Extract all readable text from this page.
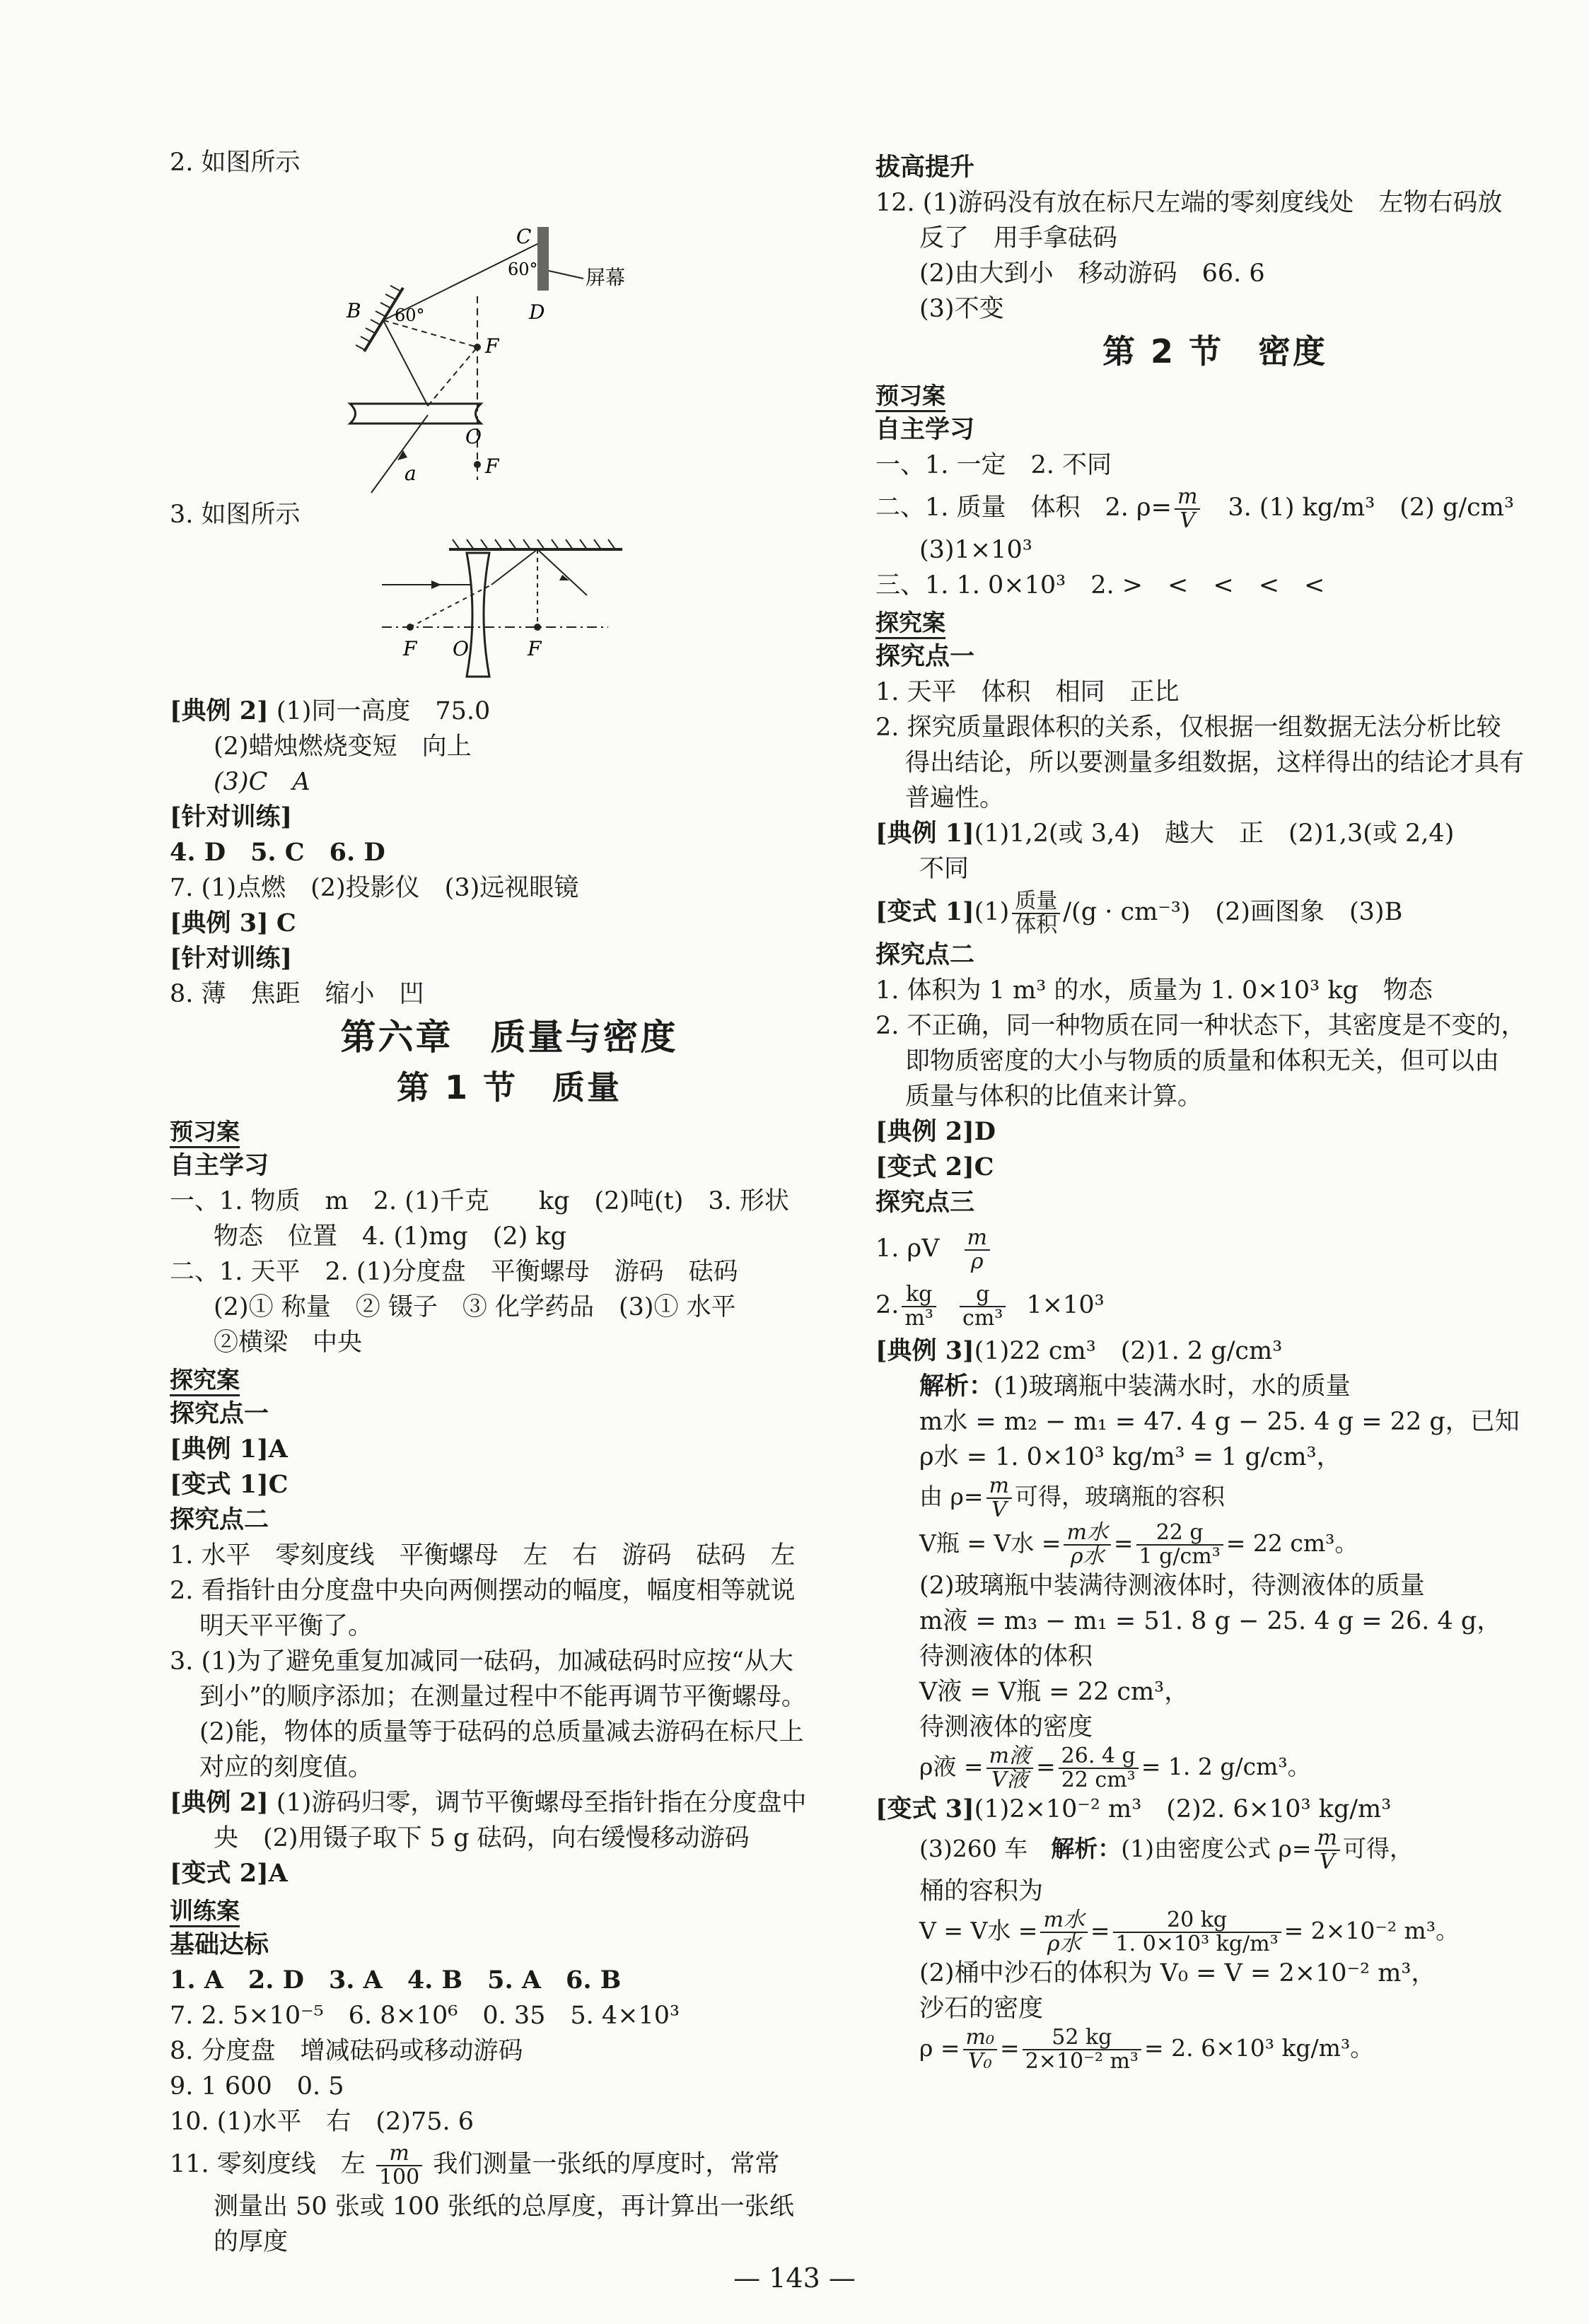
2. 如图所示
屏幕
B 60°
C
60°
D
F
O
F
a
3. 如图所示
F O	F
[典例 2] (1)同一高度　75.0
(2)蜡烛燃烧变短　向上
(3)C　A
[针对训练]
4. D　5. C　6. D
7. (1)点燃　(2)投影仪　(3)远视眼镜
[典例 3] C
[针对训练]
8. 薄　焦距　缩小　凹
第六章　质量与密度
第 1 节　质量
预习案
自主学习
一、1. 物质　m　2. (1)千克　　kg　(2)吨(t)　3. 形状
物态　位置　4. (1)mg　(2) kg
二、1. 天平　2. (1)分度盘　平衡螺母　游码　砝码
(2)① 称量　② 镊子　③ 化学药品　(3)① 水平
②横梁　中央
探究案
探究点一
[典例 1]A
[变式 1]C
探究点二
1. 水平　零刻度线　平衡螺母　左　右　游码　砝码　左
2. 看指针由分度盘中央向两侧摆动的幅度，幅度相等就说
明天平平衡了。
3. (1)为了避免重复加减同一砝码，加减砝码时应按“从大
到小”的顺序添加；在测量过程中不能再调节平衡螺母。
(2)能，物体的质量等于砝码的总质量减去游码在标尺上
对应的刻度值。
[典例 2] (1)游码归零，调节平衡螺母至指针指在分度盘中
央　(2)用镊子取下 5 g 砝码，向右缓慢移动游码
[变式 2]A
训练案
基础达标
1. A　2. D　3. A　4. B　5. A　6. B
7. 2. 5×10⁻⁵　6. 8×10⁶　0. 35　5. 4×10³
8. 分度盘　增减砝码或移动游码
9. 1 600　0. 5
10. (1)水平　右　(2)75. 6
11. 零刻度线　左 $\frac{m}{100}$ 我们测量一张纸的厚度时，常常
测量出 50 张或 100 张纸的总厚度，再计算出一张纸
的厚度
拔高提升
12. (1)游码没有放在标尺左端的零刻度线处　左物右码放
反了　用手拿砝码
(2)由大到小　移动游码　66. 6
(3)不变
第 2 节　密度
预习案
自主学习
一、1. 一定　2. 不同
二、1. 质量　体积　2. $\rho= \frac{m}{V}$ 　3. (1) kg/m³　(2) g/cm³
(3)1×10³
三、1. 1. 0×10³　2. >　<　<　<　<
探究案
探究点一
1. 天平　体积　相同　正比
2. 探究质量跟体积的关系，仅根据一组数据无法分析比较
得出结论，所以要测量多组数据，这样得出的结论才具有
普遍性。
[典例 1](1)1,2(或 3,4)　越大　正　(2)1,3(或 2,4)
不同
[变式 $1](1) \frac{\text{质量}}{\text{体积}} /(g \cdot cm^{-3})$　(2)画图象　(3)B
探究点二
1. 体积为 1 m³ 的水，质量为 1. 0×10³ kg　物态
2. 不正确，同一种物质在同一种状态下，其密度是不变的，
即物质密度的大小与物质的质量和体积无关，但可以由
质量与体积的比值来计算。
[典例 2]D
[变式 2]C
探究点三
1. ρV $\frac{m}{\rho}$
2. $\frac{kg}{\text{m³}}$
$\frac{g}{\text{cm³}} 1\times 10^3$
[典例 3](1)22 cm³　(2)1. 2 g/cm³
解析：(1)玻璃瓶中装满水时，水的质量
m水 = m₂ − m₁ = 47. 4 g − 25. 4 g = 22 g，已知
ρ水 = 1. 0×10³ kg/m³ = 1 g/cm³，
由 $\rho= \frac{m}{V}$ 可得，玻璃瓶的容积
V瓶 = V水 = $\frac{\text{m水}}{\text{ρ水}} = \frac{22 g}{\text{1 g/cm³}} = 22$ cm³。
(2)玻璃瓶中装满待测液体时，待测液体的质量
m液 = m₃ − m₁ = 51. 8 g − 25. 4 g = 26. 4 g，
待测液体的体积
V液 = V瓶 = 22 cm³，
待测液体的密度
ρ液 = $\frac{\text{m液}}{\text{V液}} = \frac{26. 4 g}{\text{22 cm³}} = 1$. 2 g/cm³。
[变式 3](1)2×10⁻² m³　(2)2. 6×10³ kg/m³
(3)260 车　 解析：(1)由密度公式 $\rho= \frac{m}{V}$ 可得，
桶的容积为
V = V水 = $\frac{\text{m水}}{\text{ρ水}} = \frac{20 kg}{\text{1. 0×10³ kg/m³}} = 2\times 10^{-2}$ m³。
(2)桶中沙石的体积为 V₀ = V = 2×10⁻² m³，
沙石的密度
$\rho = \frac{\text{m₀}}{\text{V₀}} = \frac{52 kg}{\text{2×10⁻² m³}} = 2$. 6×10³ kg/m³。
— 143 —
